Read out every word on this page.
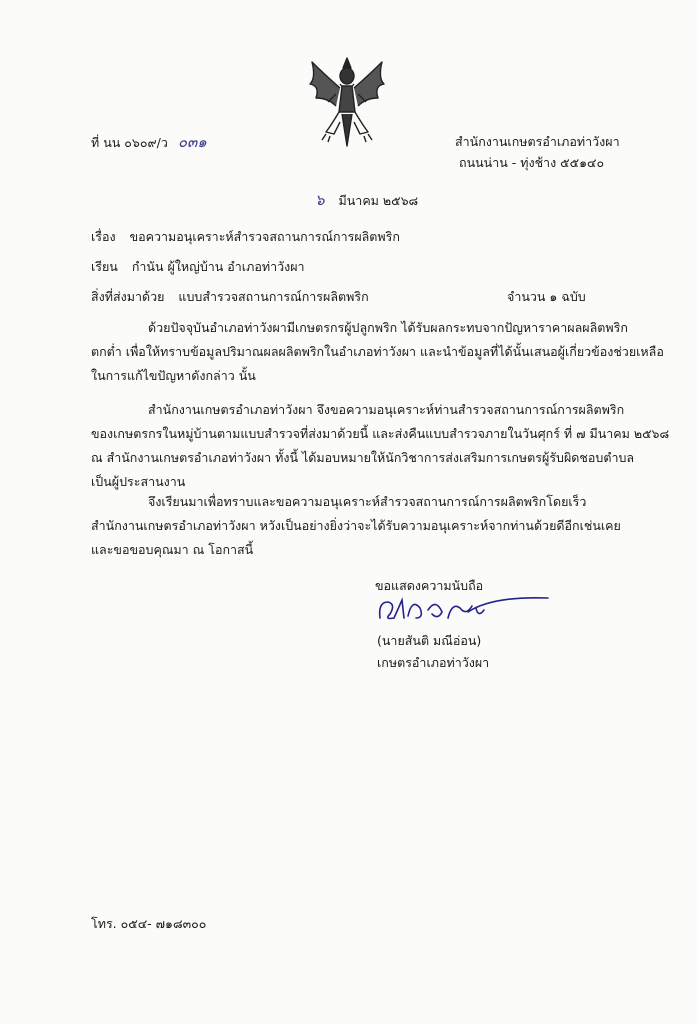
ที่ นน ๐๖๐๙/ว ๐๓๑	สำนักงานเกษตรอำเภอท่าวังผา
ถนนน่าน - ทุ่งช้าง ๕๕๑๔๐
๖ มีนาคม ๒๕๖๘
เรื่อง ขอความอนุเคราะห์สำรวจสถานการณ์การผลิตพริก
เรียน กำนัน ผู้ใหญ่บ้าน อำเภอท่าวังผา
สิ่งที่ส่งมาด้วย แบบสำรวจสถานการณ์การผลิตพริก	จำนวน ๑ ฉบับ
ด้วยปัจจุบันอำเภอท่าวังผามีเกษตรกรผู้ปลูกพริก ได้รับผลกระทบจากปัญหาราคาผลผลิตพริก
ตกต่ำ เพื่อให้ทราบข้อมูลปริมาณผลผลิตพริกในอำเภอท่าวังผา และนำข้อมูลที่ได้นั้นเสนอผู้เกี่ยวข้องช่วยเหลือ
ในการแก้ไขปัญหาดังกล่าว นั้น
สำนักงานเกษตรอำเภอท่าวังผา จึงขอความอนุเคราะห์ท่านสำรวจสถานการณ์การผลิตพริก
ของเกษตรกรในหมู่บ้านตามแบบสำรวจที่ส่งมาด้วยนี้ และส่งคืนแบบสำรวจภายในวันศุกร์ ที่ ๗ มีนาคม ๒๕๖๘
ณ สำนักงานเกษตรอำเภอท่าวังผา ทั้งนี้ ได้มอบหมายให้นักวิชาการส่งเสริมการเกษตรผู้รับผิดชอบตำบล
เป็นผู้ประสานงาน
จึงเรียนมาเพื่อทราบและขอความอนุเคราะห์สำรวจสถานการณ์การผลิตพริกโดยเร็ว
สำนักงานเกษตรอำเภอท่าวังผา หวังเป็นอย่างยิ่งว่าจะได้รับความอนุเคราะห์จากท่านด้วยดีอีกเช่นเคย
และขอขอบคุณมา ณ โอกาสนี้
ขอแสดงความนับถือ
(นายสันติ มณีอ่อน)
เกษตรอำเภอท่าวังผา
โทร. ๐๕๔- ๗๑๘๓๐๐
